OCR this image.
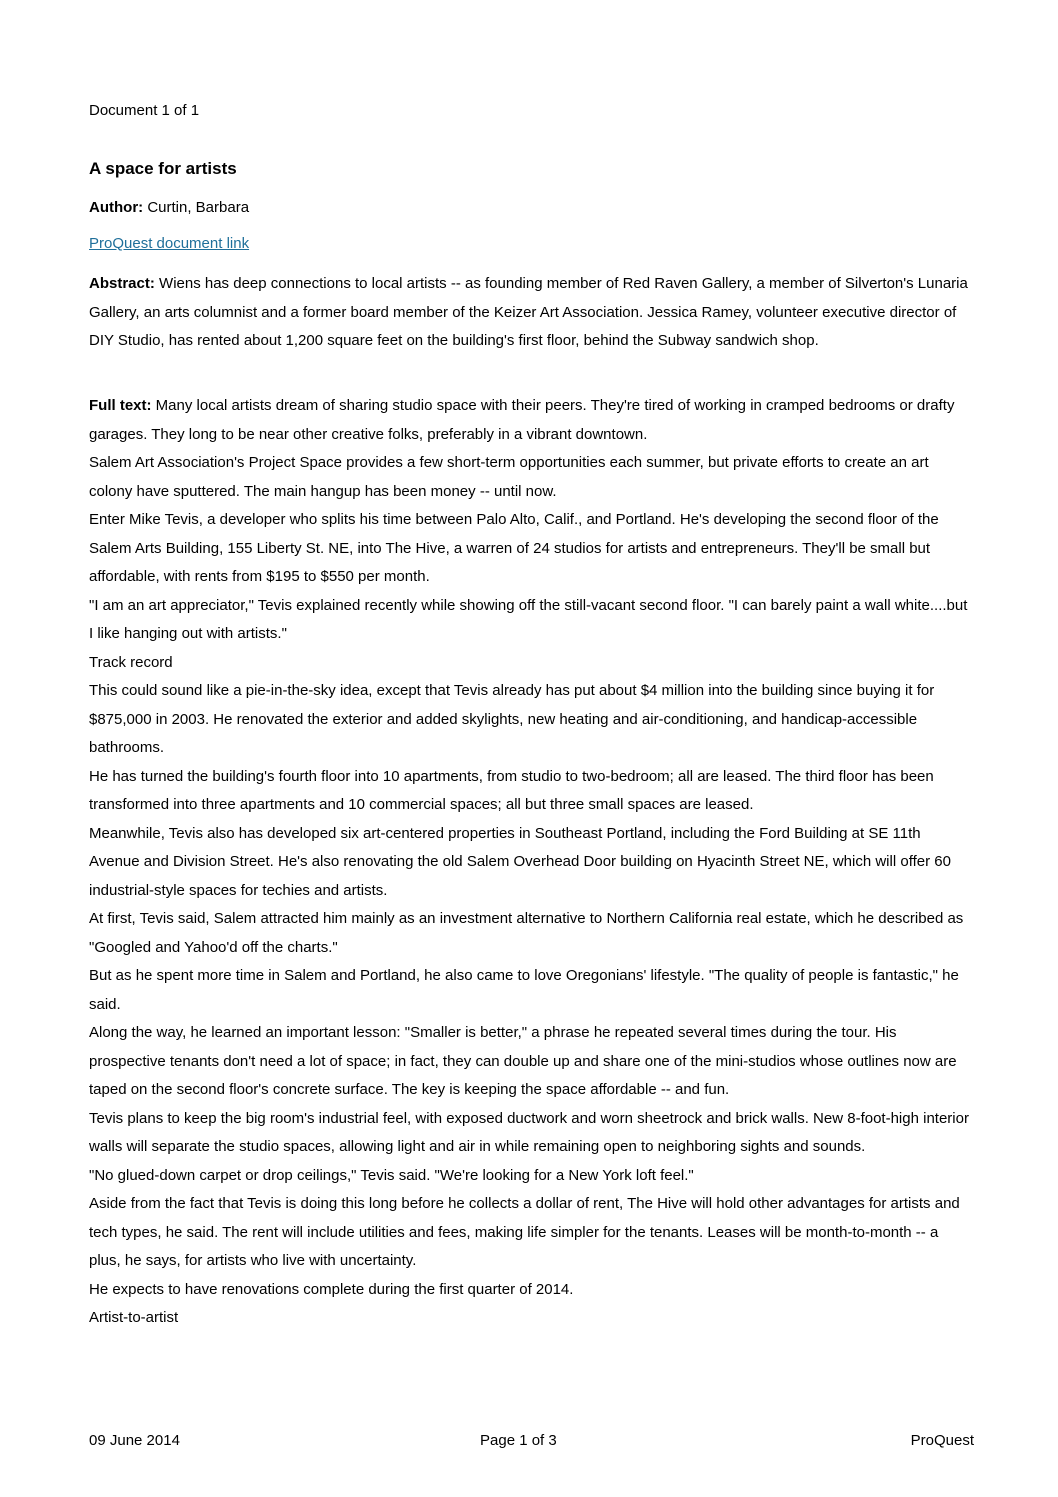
Document 1 of 1
A space for artists
Author: Curtin, Barbara
ProQuest document link
Abstract: Wiens has deep connections to local artists -- as founding member of Red Raven Gallery, a member of Silverton's Lunaria Gallery, an arts columnist and a former board member of the Keizer Art Association. Jessica Ramey, volunteer executive director of DIY Studio, has rented about 1,200 square feet on the building's first floor, behind the Subway sandwich shop.
Full text: Many local artists dream of sharing studio space with their peers. They're tired of working in cramped bedrooms or drafty garages. They long to be near other creative folks, preferably in a vibrant downtown.
Salem Art Association's Project Space provides a few short-term opportunities each summer, but private efforts to create an art colony have sputtered. The main hangup has been money -- until now.
Enter Mike Tevis, a developer who splits his time between Palo Alto, Calif., and Portland. He's developing the second floor of the Salem Arts Building, 155 Liberty St. NE, into The Hive, a warren of 24 studios for artists and entrepreneurs. They'll be small but affordable, with rents from $195 to $550 per month.
"I am an art appreciator," Tevis explained recently while showing off the still-vacant second floor. "I can barely paint a wall white....but I like hanging out with artists."
Track record
This could sound like a pie-in-the-sky idea, except that Tevis already has put about $4 million into the building since buying it for $875,000 in 2003. He renovated the exterior and added skylights, new heating and air-conditioning, and handicap-accessible bathrooms.
He has turned the building's fourth floor into 10 apartments, from studio to two-bedroom; all are leased. The third floor has been transformed into three apartments and 10 commercial spaces; all but three small spaces are leased.
Meanwhile, Tevis also has developed six art-centered properties in Southeast Portland, including the Ford Building at SE 11th Avenue and Division Street. He's also renovating the old Salem Overhead Door building on Hyacinth Street NE, which will offer 60 industrial-style spaces for techies and artists.
At first, Tevis said, Salem attracted him mainly as an investment alternative to Northern California real estate, which he described as "Googled and Yahoo'd off the charts."
But as he spent more time in Salem and Portland, he also came to love Oregonians' lifestyle. "The quality of people is fantastic," he said.
Along the way, he learned an important lesson: "Smaller is better," a phrase he repeated several times during the tour. His prospective tenants don't need a lot of space; in fact, they can double up and share one of the mini-studios whose outlines now are taped on the second floor's concrete surface. The key is keeping the space affordable -- and fun.
Tevis plans to keep the big room's industrial feel, with exposed ductwork and worn sheetrock and brick walls. New 8-foot-high interior walls will separate the studio spaces, allowing light and air in while remaining open to neighboring sights and sounds.
"No glued-down carpet or drop ceilings," Tevis said. "We're looking for a New York loft feel."
Aside from the fact that Tevis is doing this long before he collects a dollar of rent, The Hive will hold other advantages for artists and tech types, he said. The rent will include utilities and fees, making life simpler for the tenants. Leases will be month-to-month -- a plus, he says, for artists who live with uncertainty.
He expects to have renovations complete during the first quarter of 2014.
Artist-to-artist
09 June 2014	Page 1 of 3	ProQuest
